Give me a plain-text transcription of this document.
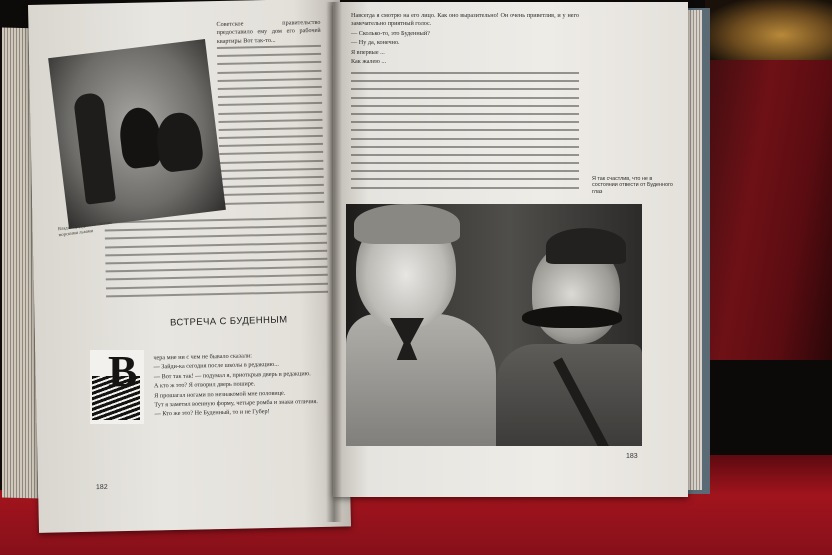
Советское правительство предоставило ему дом его рабочей квартиры Вот так-то...

чера мне ни с чем не бывало сказали:

— Зайди-ка сегодня после школы в редакцию...

— Вот так так! — подумал я, приоткрыв дверь в редакцию.

А кто ж это? Я отворил дверь пошире.

Я прошагал ногами по незнакомой мне половице.

Тут я заметил военную форму, четыре ромба и знаки отличия.

— Кто же это? Не Буденный, то и не Губер!

Владимир Дуров со своими морскими львами
ВСТРЕЧА С БУДЕННЫМ
В
182

Навсегда я смотрю на его лицо. Как оно выразительно! Он очень приветлив, и у него замечательно приятный голос.

— Сколько-то, это Буденный?

— Ну да, конечно.

Я впервые ...

Как жалею ...

Я так счастлив, что не в состоянии отвести от Буденного глаз
183
